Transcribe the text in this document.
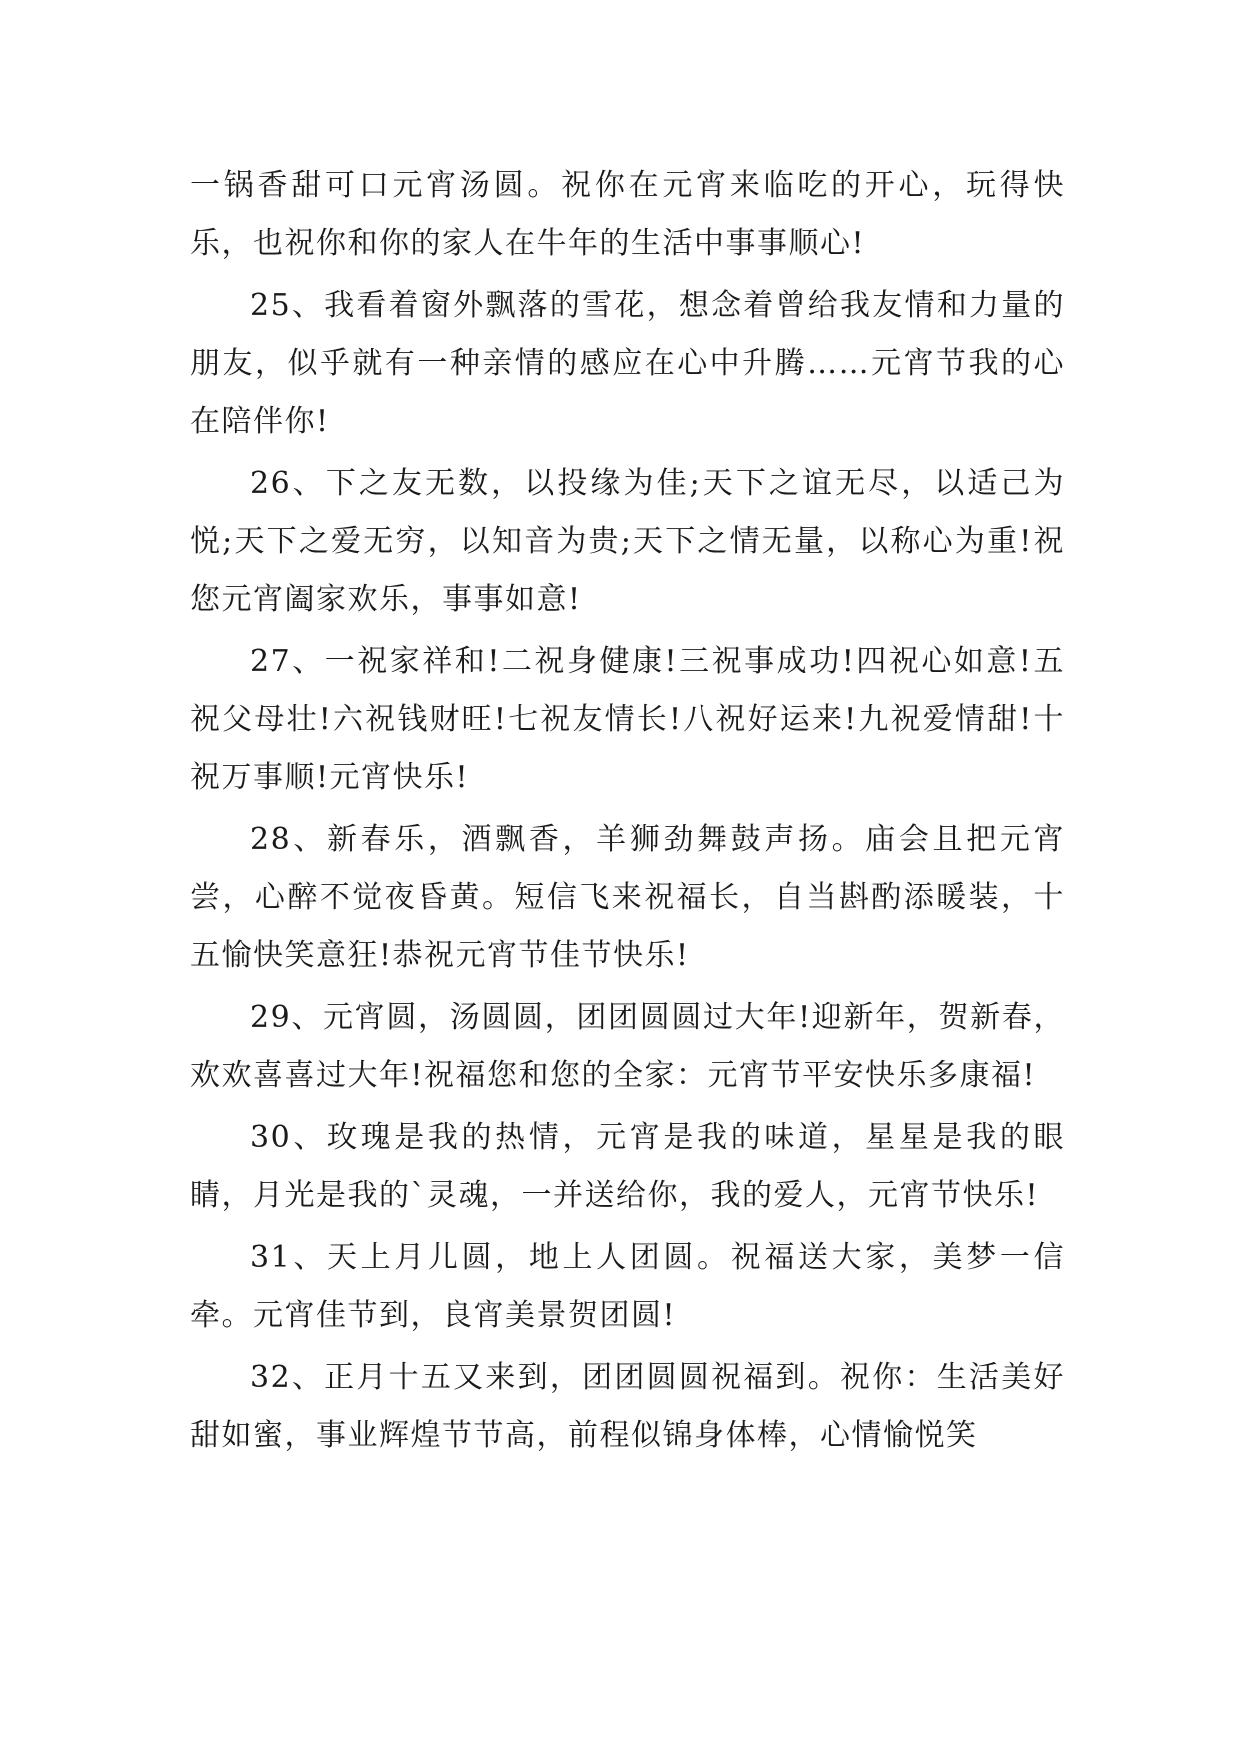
一锅香甜可口元宵汤圆。祝你在元宵来临吃的开心，玩得快乐，也祝你和你的家人在牛年的生活中事事顺心!

25、我看着窗外飘落的雪花，想念着曾给我友情和力量的朋友，似乎就有一种亲情的感应在心中升腾……元宵节我的心在陪伴你!

26、下之友无数，以投缘为佳;天下之谊无尽，以适己为悦;天下之爱无穷，以知音为贵;天下之情无量，以称心为重!祝您元宵阖家欢乐，事事如意!

27、一祝家祥和!二祝身健康!三祝事成功!四祝心如意!五祝父母壮!六祝钱财旺!七祝友情长!八祝好运来!九祝爱情甜!十祝万事顺!元宵快乐!

28、新春乐，酒飘香，羊狮劲舞鼓声扬。庙会且把元宵尝，心醉不觉夜昏黄。短信飞来祝福长，自当斟酌添暖装，十五愉快笑意狂!恭祝元宵节佳节快乐!

29、元宵圆，汤圆圆，团团圆圆过大年!迎新年，贺新春，欢欢喜喜过大年!祝福您和您的全家：元宵节平安快乐多康福!

30、玫瑰是我的热情，元宵是我的味道，星星是我的眼睛，月光是我的`灵魂，一并送给你，我的爱人，元宵节快乐!

31、天上月儿圆，地上人团圆。祝福送大家，美梦一信牵。元宵佳节到，良宵美景贺团圆!

32、正月十五又来到，团团圆圆祝福到。祝你：生活美好甜如蜜，事业辉煌节节高，前程似锦身体棒，心情愉悦笑
